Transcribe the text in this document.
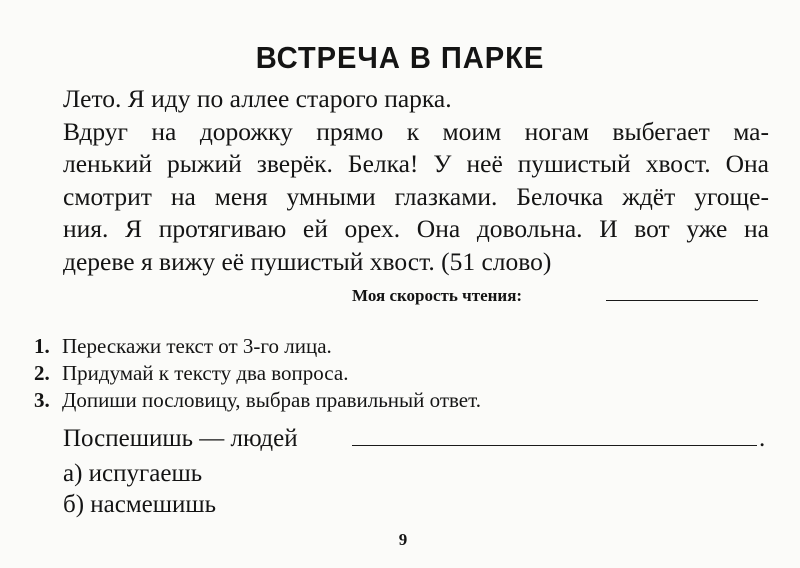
ВСТРЕЧА В ПАРКЕ
Лето. Я иду по аллее старого парка.
Вдруг на дорожку прямо к моим ногам выбегает ма-
ленький рыжий зверёк. Белка! У неё пушистый хвост. Она
смотрит на меня умными глазками. Белочка ждёт угоще-
ния. Я протягиваю ей орех. Она довольна. И вот уже на
дереве я вижу её пушистый хвост. (51 слово)
Моя скорость чтения:
1. Перескажи текст от 3-го лица.
2. Придумай к тексту два вопроса.
3. Допиши пословицу, выбрав правильный ответ.
Поспешишь — людей	.
а) испугаешь
б) насмешишь
9
